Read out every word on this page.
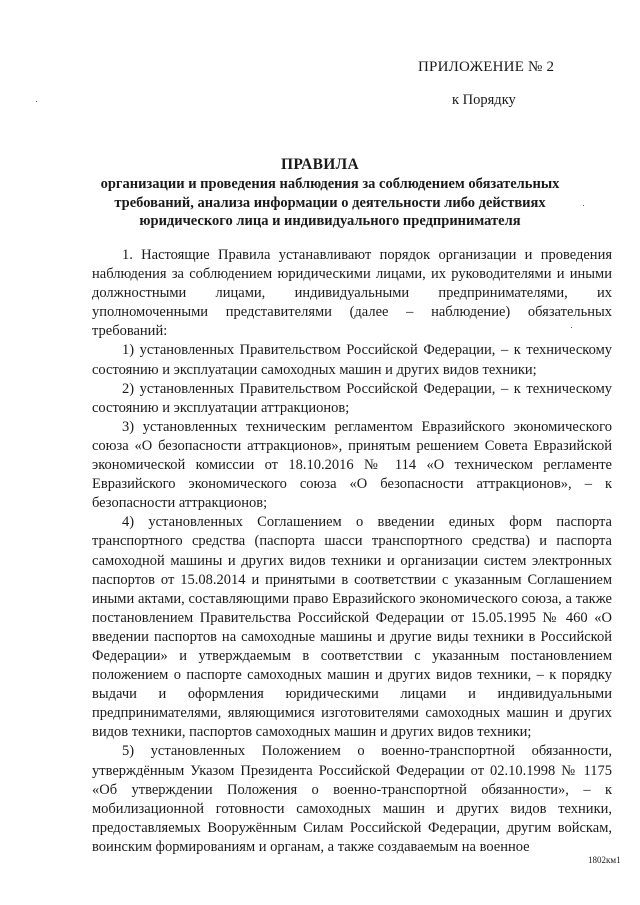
ПРИЛОЖЕНИЕ № 2
к Порядку
ПРАВИЛА
организации и проведения наблюдения за соблюдением обязательных требований, анализа информации о деятельности либо действиях юридического лица и индивидуального предпринимателя

1. Настоящие Правила устанавливают порядок организации и проведения наблюдения за соблюдением юридическими лицами, их руководителями и иными должностными лицами, индивидуальными предпринимателями, их уполномоченными представителями (далее – наблюдение) обязательных требований:

1) установленных Правительством Российской Федерации, – к техническому состоянию и эксплуатации самоходных машин и других видов техники;

2) установленных Правительством Российской Федерации, – к техническому состоянию и эксплуатации аттракционов;

3) установленных техническим регламентом Евразийского экономического союза «О безопасности аттракционов», принятым решением Совета Евразийской экономической комиссии от 18.10.2016 № 114 «О техническом регламенте Евразийского экономического союза «О безопасности аттракционов», – к безопасности аттракционов;

4) установленных Соглашением о введении единых форм паспорта транспортного средства (паспорта шасси транспортного средства) и паспорта самоходной машины и других видов техники и организации систем электронных паспортов от 15.08.2014 и принятыми в соответствии с указанным Соглашением иными актами, составляющими право Евразийского экономического союза, а также постановлением Правительства Российской Федерации от 15.05.1995 № 460 «О введении паспортов на самоходные машины и другие виды техники в Российской Федерации» и утверждаемым в соответствии с указанным постановлением положением о паспорте самоходных машин и других видов техники, – к порядку выдачи и оформления юридическими лицами и индивидуальными предпринимателями, являющимися изготовителями самоходных машин и других видов техники, паспортов самоходных машин и других видов техники;

5) установленных Положением о военно-транспортной обязанности, утверждённым Указом Президента Российской Федерации от 02.10.1998 № 1175 «Об утверждении Положения о военно-транспортной обязанности», – к мобилизационной готовности самоходных машин и других видов техники, предоставляемых Вооружённым Силам Российской Федерации, другим войскам, воинским формированиям и органам, а также создаваемым на военное

1802км1
